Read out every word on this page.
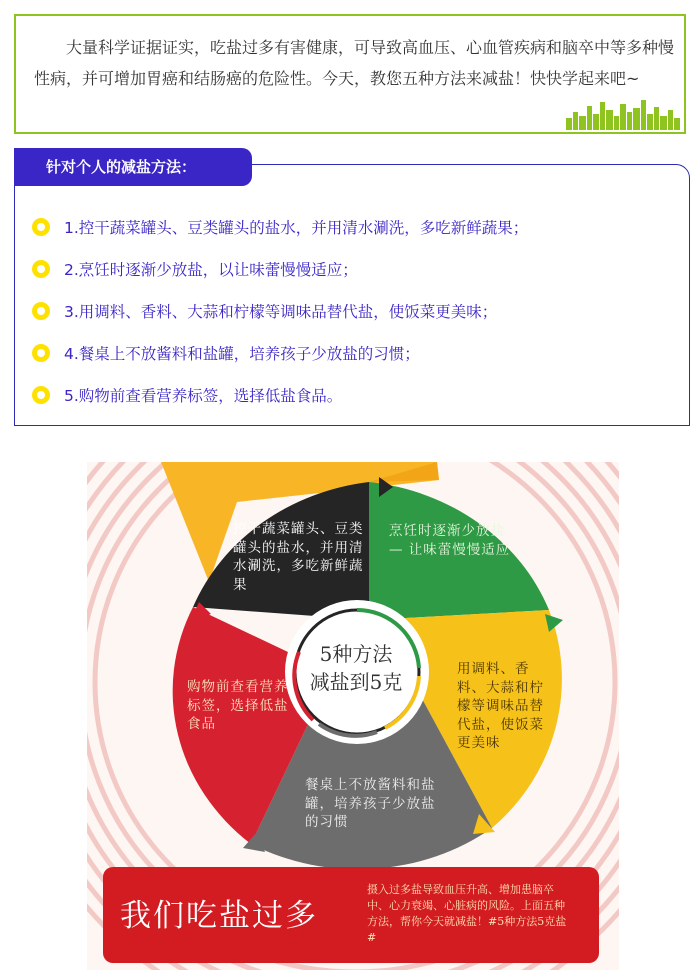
大量科学证据证实，吃盐过多有害健康，可导致高血压、心血管疾病和脑卒中等多种慢性病，并可增加胃癌和结肠癌的危险性。今天，教您五种方法来减盐！快快学起来吧~
针对个人的减盐方法：
1.控干蔬菜罐头、豆类罐头的盐水，并用清水涮洗，多吃新鲜蔬果；
2.烹饪时逐渐少放盐，以让味蕾慢慢适应；
3.用调料、香料、大蒜和柠檬等调味品替代盐，使饭菜更美味；
4.餐桌上不放酱料和盐罐，培养孩子少放盐的习惯；
5.购物前查看营养标签，选择低盐食品。
控干蔬菜罐头、豆类罐头的盐水，并用清水涮洗，多吃新鲜蔬果
烹饪时逐渐少放盐 — 让味蕾慢慢适应
用调料、香料、大蒜和柠檬等调味品替代盐，使饭菜更美味
餐桌上不放酱料和盐罐，培养孩子少放盐的习惯
购物前查看营养标签，选择低盐食品
5种方法
减盐到5克
我们吃盐过多
摄入过多盐导致血压升高、增加患脑卒中、心力衰竭、心脏病的风险。上面五种方法，帮你今天就减盐！#5种方法5克盐#
